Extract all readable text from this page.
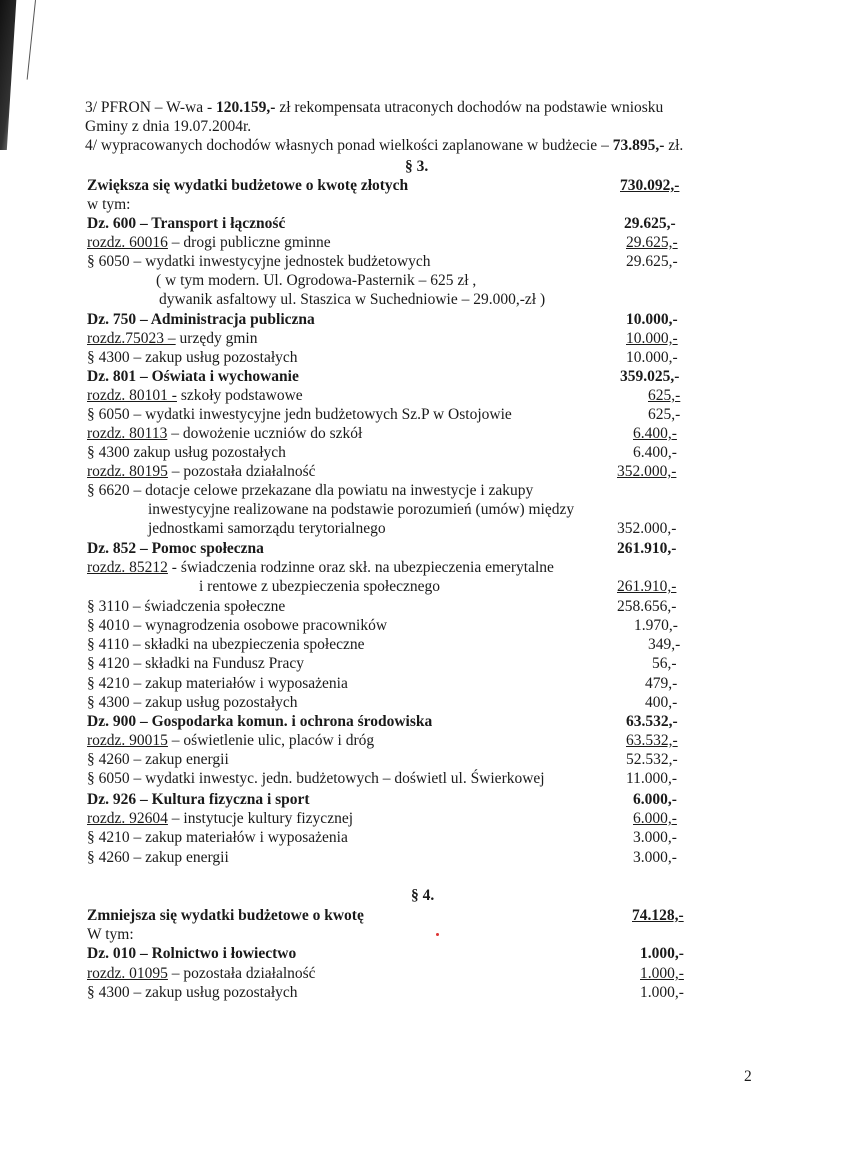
3/ PFRON – W-wa - 120.159,- zł rekompensata utraconych dochodów na podstawie wniosku
Gminy z dnia 19.07.2004r.
4/ wypracowanych dochodów własnych ponad wielkości zaplanowane w budżecie – 73.895,- zł.
§ 3.
Zwiększa się wydatki budżetowe o kwotę złotych	730.092,-
w tym:
Dz. 600 – Transport i łączność	29.625,-
rozdz. 60016 – drogi publiczne gminne	29.625,-
§ 6050 – wydatki inwestycyjne jednostek budżetowych	29.625,-
( w tym modern. Ul. Ogrodowa-Pasternik – 625 zł ,
dywanik asfaltowy ul. Staszica w Suchedniowie – 29.000,-zł )
Dz. 750 – Administracja publiczna	10.000,-
rozdz.75023 – urzędy gmin	10.000,-
§ 4300 – zakup usług pozostałych	10.000,-
Dz. 801 – Oświata i wychowanie	359.025,-
rozdz. 80101 - szkoły podstawowe	625,-
§ 6050 – wydatki inwestycyjne jedn budżetowych Sz.P w Ostojowie	625,-
rozdz. 80113 – dowożenie uczniów do szkół	6.400,-
§ 4300 zakup usług pozostałych	6.400,-
rozdz. 80195 – pozostała działalność	352.000,-
§ 6620 – dotacje celowe przekazane dla powiatu na inwestycje i zakupy
inwestycyjne realizowane na podstawie porozumień (umów) między
jednostkami samorządu terytorialnego	352.000,-
Dz. 852 – Pomoc społeczna	261.910,-
rozdz. 85212 - świadczenia rodzinne oraz skł. na ubezpieczenia emerytalne
i rentowe z ubezpieczenia społecznego	261.910,-
§ 3110 – świadczenia społeczne	258.656,-
§ 4010 – wynagrodzenia osobowe pracowników	1.970,-
§ 4110 – składki na ubezpieczenia społeczne	349,-
§ 4120 – składki na Fundusz Pracy	56,-
§ 4210 – zakup materiałów i wyposażenia	479,-
§ 4300 – zakup usług pozostałych	400,-
Dz. 900 – Gospodarka komun. i ochrona środowiska	63.532,-
rozdz. 90015 – oświetlenie ulic, placów i dróg	63.532,-
§ 4260 – zakup energii	52.532,-
§ 6050 – wydatki inwestyc. jedn. budżetowych – doświetl ul. Świerkowej	11.000,-
Dz. 926 – Kultura fizyczna i sport	6.000,-
rozdz. 92604 – instytucje kultury fizycznej	6.000,-
§ 4210 – zakup materiałów i wyposażenia	3.000,-
§ 4260 – zakup energii	3.000,-
§ 4.
Zmniejsza się wydatki budżetowe o kwotę	74.128,-
W tym:
Dz. 010 – Rolnictwo i łowiectwo	1.000,-
rozdz. 01095 – pozostała działalność	1.000,-
§ 4300 – zakup usług pozostałych	1.000,-
2
